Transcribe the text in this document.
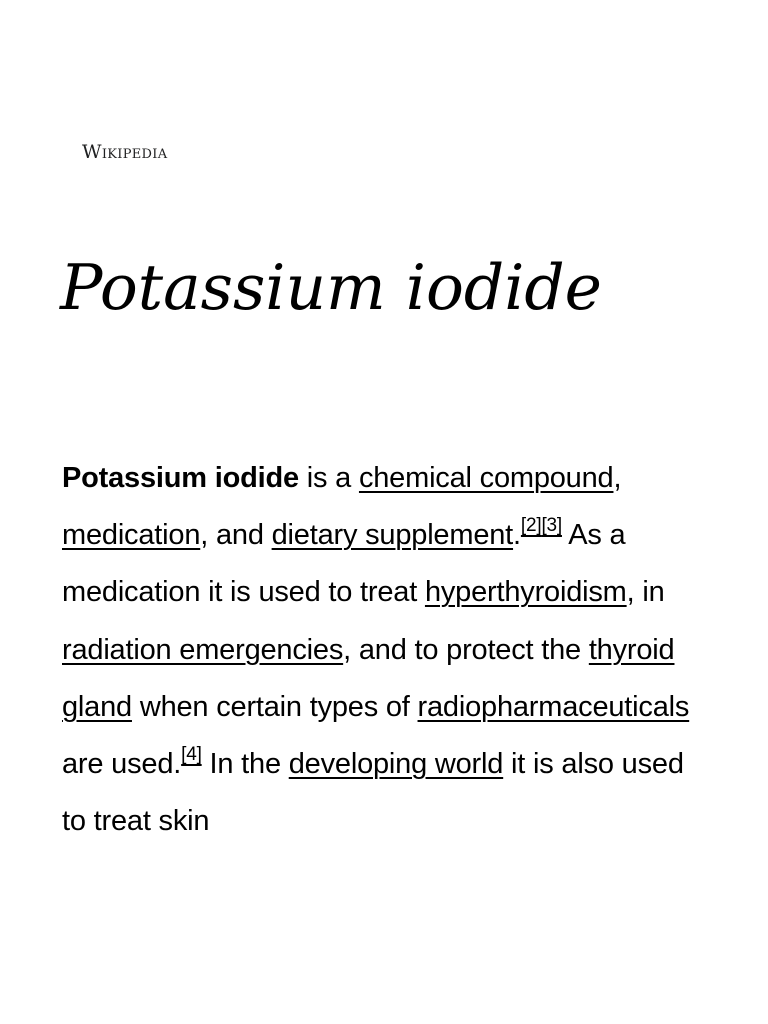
Wikipedia
Potassium iodide

Potassium iodide is a chemical compound, medication, and dietary supplement.[2][3] As a medication it is used to treat hyperthyroidism, in radiation emergencies, and to protect the thyroid gland when certain types of radiopharmaceuticals are used.[4] In the developing world it is also used to treat skin
